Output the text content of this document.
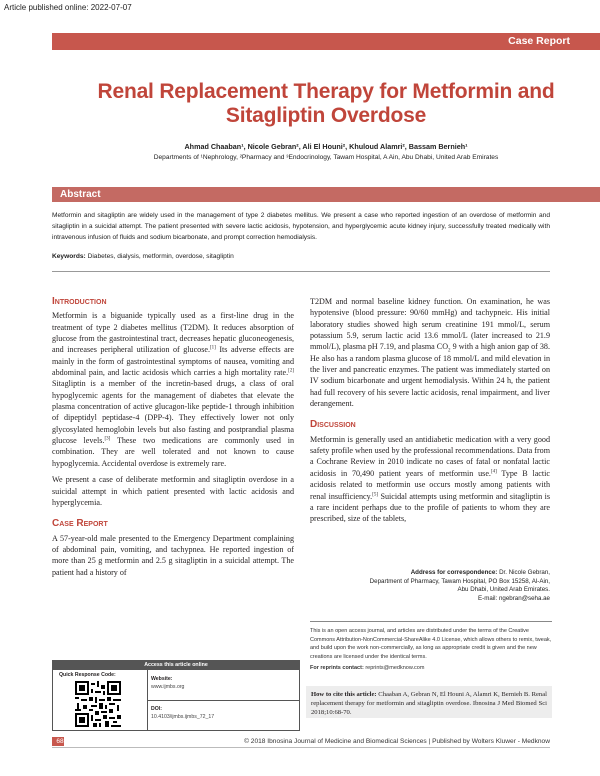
Article published online: 2022-07-07
Case Report
Renal Replacement Therapy for Metformin and Sitagliptin Overdose
Ahmad Chaaban¹, Nicole Gebran², Ali El Houni², Khuloud Alamri², Bassam Bernieh¹
Departments of ¹Nephrology, ²Pharmacy and ³Endocrinology, Tawam Hospital, A Ain, Abu Dhabi, United Arab Emirates
Abstract
Metformin and sitagliptin are widely used in the management of type 2 diabetes mellitus. We present a case who reported ingestion of an overdose of metformin and sitagliptin in a suicidal attempt. The patient presented with severe lactic acidosis, hypotension, and hyperglycemic acute kidney injury, successfully treated medically with intravenous infusion of fluids and sodium bicarbonate, and prompt correction hemodialysis.
Keywords: Diabetes, dialysis, metformin, overdose, sitagliptin
Introduction
Metformin is a biguanide typically used as a first-line drug in the treatment of type 2 diabetes mellitus (T2DM). It reduces absorption of glucose from the gastrointestinal tract, decreases hepatic gluconeogenesis, and increases peripheral utilization of glucose.[1] Its adverse effects are mainly in the form of gastrointestinal symptoms of nausea, vomiting and abdominal pain, and lactic acidosis which carries a high mortality rate.[2] Sitagliptin is a member of the incretin-based drugs, a class of oral hypoglycemic agents for the management of diabetes that elevate the plasma concentration of active glucagon-like peptide-1 through inhibition of dipeptidyl peptidase-4 (DPP-4). They effectively lower not only glycosylated hemoglobin levels but also fasting and postprandial plasma glucose levels.[3] These two medications are commonly used in combination. They are well tolerated and not known to cause hypoglycemia. Accidental overdose is extremely rare.
We present a case of deliberate metformin and sitagliptin overdose in a suicidal attempt in which patient presented with lactic acidosis and hyperglycemia.
Case Report
A 57-year-old male presented to the Emergency Department complaining of abdominal pain, vomiting, and tachypnea. He reported ingestion of more than 25 g metformin and 2.5 g sitagliptin in a suicidal attempt. The patient had a history of
T2DM and normal baseline kidney function. On examination, he was hypotensive (blood pressure: 90/60 mmHg) and tachypneic. His initial laboratory studies showed high serum creatinine 191 mmol/L, serum potassium 5.9, serum lactic acid 13.6 mmol/L (later increased to 21.9 mmol/L), plasma pH 7.19, and plasma $CO_2$ 9 with a high anion gap of 38. He also has a random plasma glucose of 18 mmol/L and mild elevation in the liver and pancreatic enzymes. The patient was immediately started on IV sodium bicarbonate and urgent hemodialysis. Within 24 h, the patient had full recovery of his severe lactic acidosis, renal impairment, and liver derangement.
Discussion
Metformin is generally used an antidiabetic medication with a very good safety profile when used by the professional recommendations. Data from a Cochrane Review in 2010 indicate no cases of fatal or nonfatal lactic acidosis in 70,490 patient years of metformin use.[4] Type B lactic acidosis related to metformin use occurs mostly among patients with renal insufficiency.[5] Suicidal attempts using metformin and sitagliptin is a rare incident perhaps due to the profile of patients to whom they are prescribed, size of the tablets,
Address for correspondence: Dr. Nicole Gebran,
Department of Pharmacy, Tawam Hospital, PO Box 15258, Al-Ain,
Abu Dhabi, United Arab Emirates.
E-mail: ngebran@seha.ae
This is an open access journal, and articles are distributed under the terms of the Creative Commons Attribution-NonCommercial-ShareAlike 4.0 License, which allows others to remix, tweak, and build upon the work non-commercially, as long as appropriate credit is given and the new creations are licensed under the identical terms.
For reprints contact: reprints@medknow.com
How to cite this article: Chaaban A, Gebran N, El Houni A, Alamri K, Bernieh B. Renal replacement therapy for metformin and sitagliptin overdose. Ibnosina J Med Biomed Sci 2018;10:68-70.
Access this article online
Quick Response Code:
Website:
www.ijmbs.org
DOI:
10.4103/ijmbs.ijmbs_72_17
68	© 2018 Ibnosina Journal of Medicine and Biomedical Sciences | Published by Wolters Kluwer - Medknow
